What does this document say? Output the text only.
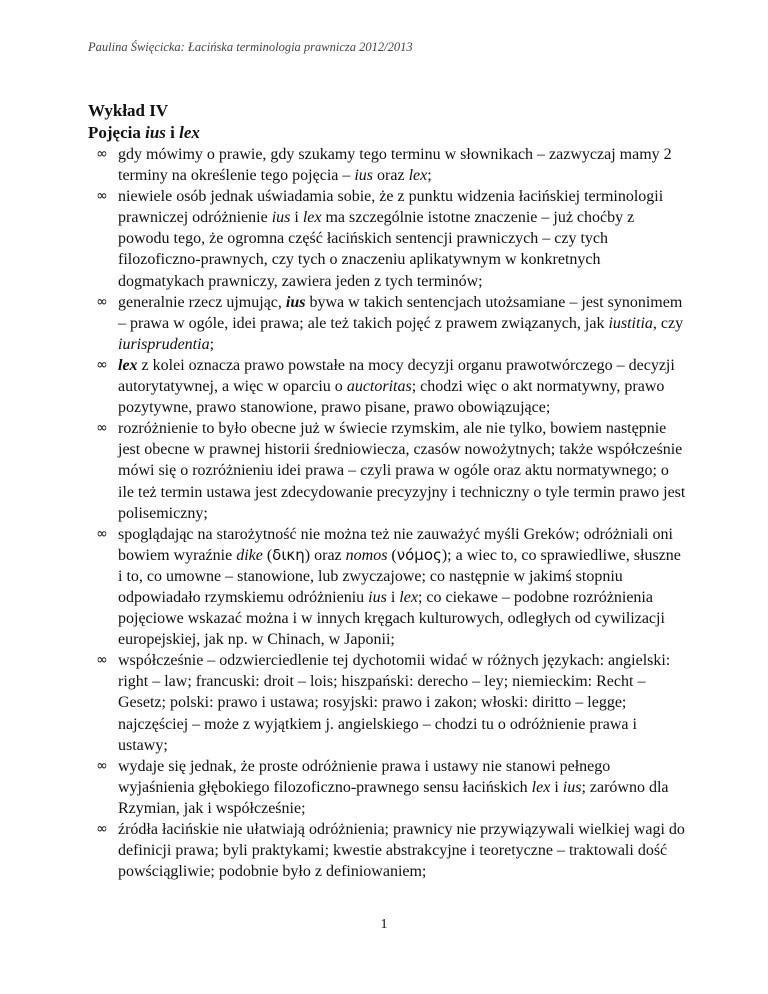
Paulina Święcicka: Łacińska terminologia prawnicza 2012/2013
Wykład IV
Pojęcia ius i lex
∞ gdy mówimy o prawie, gdy szukamy tego terminu w słownikach – zazwyczaj mamy 2 terminy na określenie tego pojęcia – ius oraz lex;
∞ niewiele osób jednak uświadamia sobie, że z punktu widzenia łacińskiej terminologii prawniczej odróżnienie ius i lex ma szczególnie istotne znaczenie – już choćby z powodu tego, że ogromna część łacińskich sentencji prawniczych – czy tych filozoficzno-prawnych, czy tych o znaczeniu aplikatywnym w konkretnych dogmatykach prawniczy, zawiera jeden z tych terminów;
∞ generalnie rzecz ujmując, ius bywa w takich sentencjach utożsamiane – jest synonimem – prawa w ogóle, idei prawa; ale też takich pojęć z prawem związanych, jak iustitia, czy iurisprudentia;
∞ lex z kolei oznacza prawo powstałe na mocy decyzji organu prawotwórczego – decyzji autorytatywnej, a więc w oparciu o auctoritas; chodzi więc o akt normatywny, prawo pozytywne, prawo stanowione, prawo pisane, prawo obowiązujące;
∞ rozróżnienie to było obecne już w świecie rzymskim, ale nie tylko, bowiem następnie jest obecne w prawnej historii średniowiecza, czasów nowożytnych; także współcześnie mówi się o rozróżnieniu idei prawa – czyli prawa w ogóle oraz aktu normatywnego; o ile też termin ustawa jest zdecydowanie precyzyjny i techniczny o tyle termin prawo jest polisemiczny;
∞ spoglądając na starożytność nie można też nie zauważyć myśli Greków; odróżniali oni bowiem wyraźnie dike (δικη) oraz nomos (νόμος); a wiec to, co sprawiedliwe, słuszne i to, co umowne – stanowione, lub zwyczajowe; co następnie w jakimś stopniu odpowiadało rzymskiemu odróżnieniu ius i lex; co ciekawe – podobne rozróżnienia pojęciowe wskazać można i w innych kręgach kulturowych, odległych od cywilizacji europejskiej, jak np. w Chinach, w Japonii;
∞ współcześnie – odzwierciedlenie tej dychotomii widać w różnych językach: angielski: right – law; francuski: droit – lois; hiszpański: derecho – ley; niemieckim: Recht – Gesetz; polski: prawo i ustawa; rosyjski: prawo i zakon; włoski: diritto – legge; najczęściej – może z wyjątkiem j. angielskiego – chodzi tu o odróżnienie prawa i ustawy;
∞ wydaje się jednak, że proste odróżnienie prawa i ustawy nie stanowi pełnego wyjaśnienia głębokiego filozoficzno-prawnego sensu łacińskich lex i ius; zarówno dla Rzymian, jak i współcześnie;
∞ źródła łacińskie nie ułatwiają odróżnienia; prawnicy nie przywiązywali wielkiej wagi do definicji prawa; byli praktykami; kwestie abstrakcyjne i teoretyczne – traktowali dość powściągliwie; podobnie było z definiowaniem;
1
